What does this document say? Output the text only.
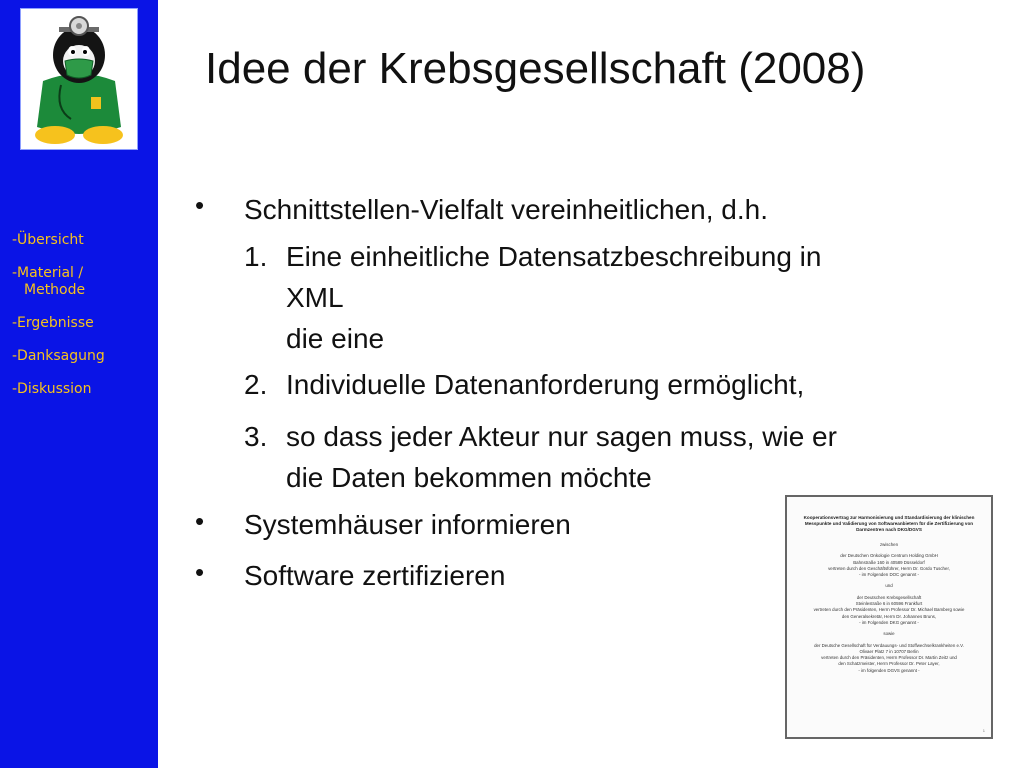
-Übersicht
-Material /
Methode
-Ergebnisse
-Danksagung
-Diskussion
Idee der Krebsgesellschaft (2008)
• Schnittstellen-Vielfalt vereinheitlichen, d.h.
1. Eine einheitliche Datensatzbeschreibung in
XML
die eine
2. Individuelle Datenanforderung ermöglicht,
3. so dass jeder Akteur nur sagen muss, wie er
die Daten bekommen möchte
• Systemhäuser informieren
• Software zertifizieren
Kooperationsvertrag zur Harmonisierung und Standardisierung der klinischen Messpunkte und Validierung von Softwareanbietern für die Zertifizierung von Darmzentren nach DKG/DGVS
zwischen
der Deutschen Onkologie Centrum Holding GmbH
Bahnstraße 160 in 40589 Düsseldorf
vertreten durch den Geschäftsführer, Herrn Dr. Gordo Tuscher,
- im Folgenden DOC genannt -
und
der Deutschen Krebsgesellschaft
Steinlestraße 6 in 60596 Frankfurt
vertreten durch den Präsidenten, Herrn Professor Dr. Michael Bamberg sowie
den Generalsekretär, Herrn Dr. Johannes Bruns,
- im Folgenden DKG genannt -
sowie
der Deutsche Gesellschaft für Verdauungs- und Stoffwechselkrankheiten e.V.
Olivaer Platz 7 in 10707 Berlin
vertreten durch den Präsidenten, Herrn Professor Dr. Martin Zeitz und
den Schatzmeister, Herrn Professor Dr. Peter Layer,
- im folgenden DGVS genannt -
1
